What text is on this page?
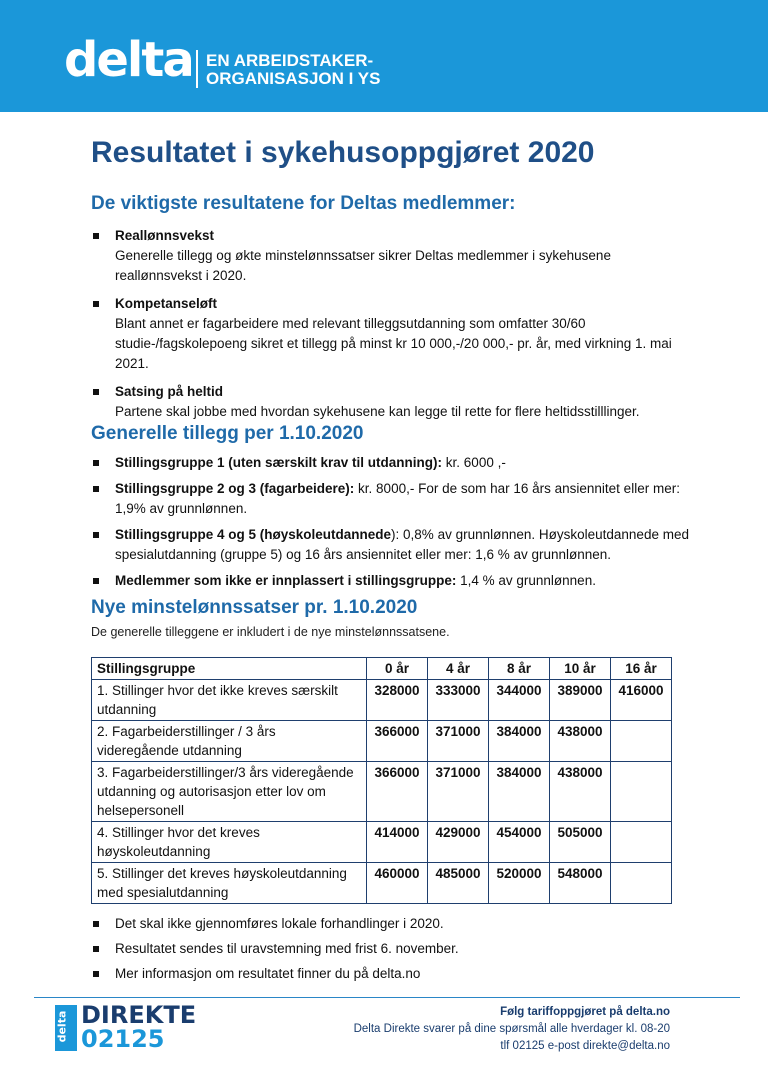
delta EN ARBEIDSTAKER-
ORGANISASJON I YS
Resultatet i sykehusoppgjøret 2020
De viktigste resultatene for Deltas medlemmer:
Reallønnsvekst
Generelle tillegg og økte minstelønnssatser sikrer Deltas medlemmer i sykehusene reallønnsvekst i 2020.
Kompetanseløft
Blant annet er fagarbeidere med relevant tilleggsutdanning som omfatter 30/60 studie-/fagskolepoeng sikret et tillegg på minst kr 10 000,-/20 000,- pr. år, med virkning 1. mai 2021.
Satsing på heltid
Partene skal jobbe med hvordan sykehusene kan legge til rette for flere heltidsstilllinger.
Generelle tillegg per 1.10.2020
Stillingsgruppe 1 (uten særskilt krav til utdanning): kr. 6000 ,-
Stillingsgruppe 2 og 3 (fagarbeidere): kr. 8000,- For de som har 16 års ansiennitet eller mer: 1,9% av grunnlønnen.
Stillingsgruppe 4 og 5 (høyskoleutdannede): 0,8% av grunnlønnen. Høyskoleutdannede med spesialutdanning (gruppe 5) og 16 års ansiennitet eller mer: 1,6 % av grunnlønnen.
Medlemmer som ikke er innplassert i stillingsgruppe: 1,4 % av grunnlønnen.
Nye minstelønnssatser pr. 1.10.2020
De generelle tilleggene er inkludert i de nye minstelønnssatsene.
Stillingsgruppe	0 år	4 år	8 år	10 år	16 år
1. Stillinger hvor det ikke kreves særskilt utdanning	328000	333000	344000	389000	416000
2. Fagarbeiderstillinger / 3 års videregående utdanning	366000	371000	384000	438000	
3. Fagarbeiderstillinger/3 års videregående utdanning og autorisasjon etter lov om helsepersonell	366000	371000	384000	438000	
4. Stillinger hvor det kreves høyskoleutdanning	414000	429000	454000	505000	
5. Stillinger det kreves høyskoleutdanning med spesialutdanning	460000	485000	520000	548000	
Det skal ikke gjennomføres lokale forhandlinger i 2020.
Resultatet sendes til uravstemning med frist 6. november.
Mer informasjon om resultatet finner du på delta.no
delta DIREKTE
02125
Følg tariffoppgjøret på delta.no
Delta Direkte svarer på dine spørsmål alle hverdager kl. 08-20
tlf 02125 e-post direkte@delta.no
